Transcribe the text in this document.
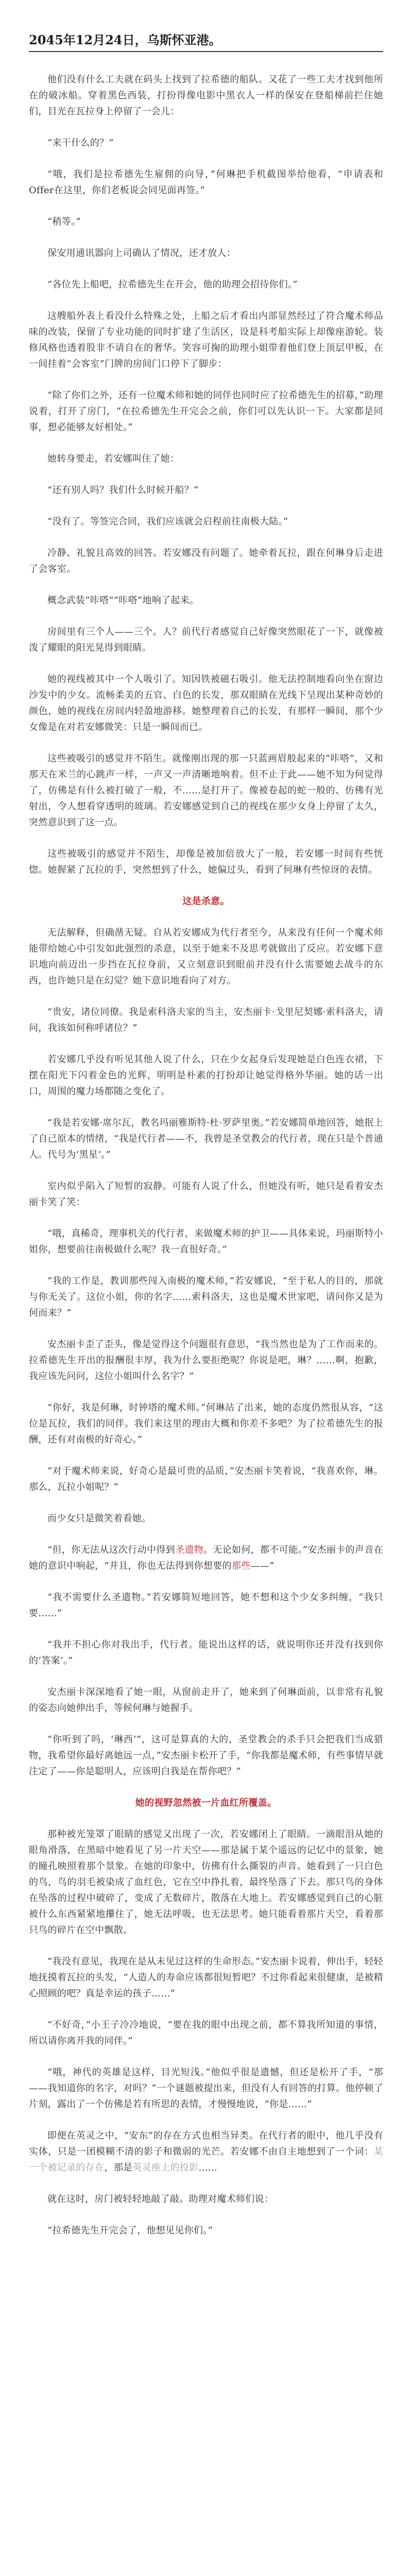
2045年12月24日，乌斯怀亚港。

他们没有什么工夫就在码头上找到了拉希德的船队。又花了一些工夫才找到他所在的破冰船。穿着黑色西装，打扮得像电影中黑衣人一样的保安在登船梯前拦住她们，目光在瓦拉身上停留了一会儿：

“来干什么的？”

“哦，我们是拉希德先生雇佣的向导，”何琳把手机截图举给他看，“申请表和Offer在这里，你们老板说会同见面再签。”

“稍等。”

保安用通讯器向上司确认了情况，还才放人：

“各位先上船吧，拉希德先生在开会，他的助理会招待你们。”

这艘船外表上看没什么特殊之处，上船之后才看出内部显然经过了符合魔术师品味的改装，保留了专业功能的同时扩建了生活区，设是科考船实际上却像座游轮。装修风格也透着股非不请自在的奢华。笑容可掬的助理小姐带着他们登上顶层甲板，在一间挂着“会客室”门牌的房间门口停下了脚步：

“除了你们之外，还有一位魔术师和她的同伴也同时应了拉希德先生的招募，”助理说着，打开了房门，“在拉希德先生开完会之前，你们可以先认识一下。大家都是同事，想必能够友好相处。”

她转身要走，若安娜叫住了她：

“还有别人吗？我们什么时候开船？”

“没有了。等签完合同，我们应该就会启程前往南极大陆。”

冷静、礼貌且高效的回答。若安娜没有问题了。她牵着瓦拉，跟在何琳身后走进了会客室。

概念武装“咔嗒”“咔嗒”地响了起来。

房间里有三个人——三个。人？前代行者感觉自己好像突然眼花了一下，就像被泼了耀眼的阳光晃得到眼睛。

她的视线被其中一个人吸引了。知因铁被磁石吸引。他无法控制地看向坐在窗边沙发中的少女。流畅柔美的五官、白色的长发，那双眼睛在光线下呈现出某种奇妙的颜色，她的视线在房间内轻盈地游移。她整理着自己的长发，有那样一瞬间，那个少女像是在对若安娜微笑：只是一瞬间而已。

这些被吸引的感觉并不陌生。就像刚出现的那一只蓝画眉般起来的“咔嗒”，又和那天在米兰的心跳声一样，一声又一声清晰地响着。但不止于此——她不知为何觉得了，仿佛是有什么被打破了一般，不……是打开了。像被卷起的蛇一般的、仿佛有光射出，令人想看穿透明的玻璃。若安娜感觉到自己的视线在那少女身上停留了太久，突然意识到了这一点。

这些被吸引的感觉并不陌生，却像是被加倍放大了一般，若安娜一时间有些恍惚。她握紧了瓦拉的手，突然想到了什么，她偏过头，看到了何琳有些惊讶的表情。

这是杀意。

无法解释，但确凿无疑。自从若安娜成为代行者至今，从来没有任何一个魔术师能带给她心中引发如此强烈的杀意，以至于她来不及思考就做出了反应。若安娜下意识地向前迈出一步挡在瓦拉身前，又立刻意识到眼前并没有什么需要她去战斗的东西，也许她只是在幻觉？她下意识地看向了对方。

“贵安，诸位同僚。我是索科洛夫家的当主，安杰丽卡·戈里尼契娜·索科洛夫，请问，我该如何称呼诸位？”

若安娜几乎没有听见其他人说了什么，只在少女起身后发现她是白色连衣裙，下摆在阳光下闪着金色的光辉，明明是朴素的打扮却让她觉得格外华丽。她的话一出口，周围的魔力场都随之变化了。

“我是若安娜·席尔瓦，教名玛丽雅斯特·杜·罗萨里奥。”若安娜简单地回答，她抿上了自己原本的情绪，“我是代行者——不，我曾是圣堂教会的代行者，现在只是个普通人。代号为‘黑星’。”

室内似乎陷入了短暂的寂静。可能有人说了什么，但她没有听，她只是看着安杰丽卡笑了笑：

“哦，真稀奇，理事机关的代行者，来做魔术师的护卫——具体来说，玛丽斯特小姐你，想要前往南极做什么呢？我一直很好奇。”

“我的工作是，教训那些闯入南极的魔术师，”若安娜说，“至于私人的目的，那就与你无关了。这位小姐，你的名字……索科洛夫，这也是魔术世家吧，请问你又是为何而来？”

安杰丽卡歪了歪头，像是觉得这个问题很有意思，“我当然也是为了工作而来的。拉希德先生开出的报酬很丰厚，我为什么要拒绝呢？你说是吧，琳？……啊，抱歉，我应该先问问，这位小姐叫什么名字？”

“你好，我是何琳，时钟塔的魔术师。”何琳站了出来，她的态度仍然很从容，“这位是瓦拉，我们的同伴。我们来这里的理由大概和你差不多吧？为了拉希德先生的报酬，还有对南极的好奇心。”

“对于魔术师来说，好奇心是最可贵的品质，”安杰丽卡笑着说，“我喜欢你，琳。那么，瓦拉小姐呢？”

而少女只是微笑着看她。

“但，你无法从这次行动中得到圣遗物。无论如何，都不可能。”安杰丽卡的声音在她的意识中响起，“并且，你也无法得到你想要的那些——”

“我不需要什么圣遗物。”若安娜简短地回答，她不想和这个少女多纠缠，“我只要……”

“我并不担心你对我出手，代行者。能说出这样的话，就说明你还并没有找到你的‘答案’。”

安杰丽卡深深地看了她一眼，从窗前走开了，她来到了何琳面前，以非常有礼貌的姿态向她伸出手，等候何琳与她握手。

“你听到了吗，‘琳西’”，这可是算真的大的，圣堂教会的杀手只会把我们当成猎物，我希望你最好离她远一点，”安杰丽卡松开了手，“你我都是魔术师，有些事情早就注定了——你是聪明人，应该明白我是在帮你吧？”

她的视野忽然被一片血红所覆盖。

那种被光笼罩了眼睛的感觉又出现了一次，若安娜闭上了眼睛。一滴眼泪从她的眼角滑落，在黑暗中她看见了另一片天空——那是属于某个遥远的记忆中的景象，她的瞳孔映照着那个景象。在她的印象中，仿佛有什么撕裂的声音。她看到了一只白色的鸟，鸟的羽毛被染成了血红色，它在空中挣扎着，最终坠落了下去。那只鸟的身体在坠落的过程中破碎了，变成了无数碎片，散落在大地上。若安娜感觉到自己的心脏被什么东西紧紧地攥住了，她无法呼吸，也无法思考。她只能看着那片天空，看着那只鸟的碎片在空中飘散。

“我没有意见，我现在是从未见过这样的生命形态。”安杰丽卡说着，伸出手，轻轻地抚摸着瓦拉的头发，“人造人的寿命应该都很短暂吧？不过你看起来很健康，是被精心照顾的吧？真是幸运的孩子……”

“不好奇，”小王子冷冷地说，“要在我的眼中出现之前，都不算我所知道的事情，所以请你离开我的同伴。”

“哦，神代的英雄是这样，目光短浅。”他似乎很是遗憾，但还是松开了手，“那——我知道你的名字，对吗？”一个谜题被提出来，但没有人有回答的打算。他停顿了片刻，露出了一个仿佛是若有所思的表情，才慢慢地说，“你是……”

即便在英灵之中，“安东”的存在方式也相当异类。在代行者的眼中，他几乎没有实体，只是一团模糊不清的影子和微弱的光芒。若安娜不由自主地想到了一个词：某一个被记录的存在，那是英灵座上的投影……

就在这时，房门被轻轻地敲了敲。助理对魔术师们说：

“拉希德先生开完会了，他想见见你们。”
